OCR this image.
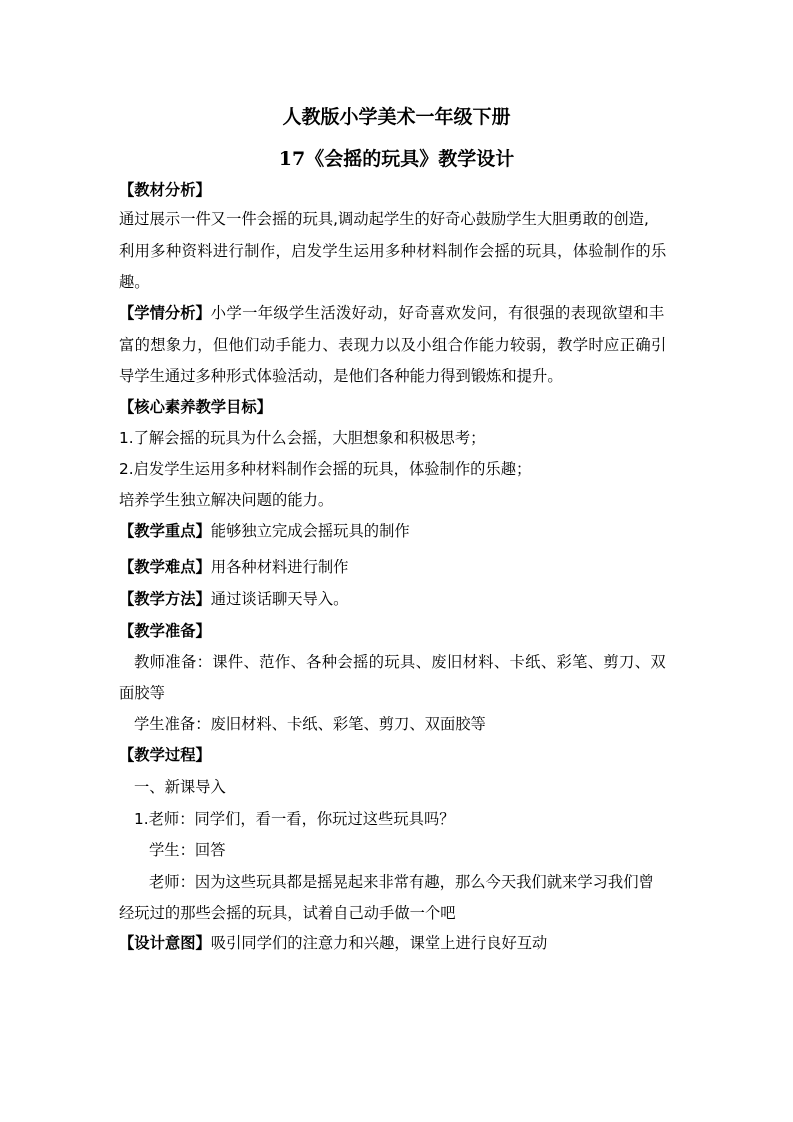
人教版小学美术一年级下册
17《会摇的玩具》教学设计
【教材分析】
通过展示一件又一件会摇的玩具,调动起学生的好奇心鼓励学生大胆勇敢的创造,
利用多种资料进行制作，启发学生运用多种材料制作会摇的玩具，体验制作的乐
趣。
【学情分析】小学一年级学生活泼好动，好奇喜欢发问，有很强的表现欲望和丰
富的想象力，但他们动手能力、表现力以及小组合作能力较弱，教学时应正确引
导学生通过多种形式体验活动，是他们各种能力得到锻炼和提升。
【核心素养教学目标】
1.了解会摇的玩具为什么会摇，大胆想象和积极思考；
2.启发学生运用多种材料制作会摇的玩具，体验制作的乐趣；
培养学生独立解决问题的能力。
【教学重点】能够独立完成会摇玩具的制作
【教学难点】用各种材料进行制作
【教学方法】通过谈话聊天导入。
【教学准备】
教师准备：课件、范作、各种会摇的玩具、废旧材料、卡纸、彩笔、剪刀、双
面胶等
学生准备：废旧材料、卡纸、彩笔、剪刀、双面胶等
【教学过程】
一、新课导入
1.老师：同学们，看一看，你玩过这些玩具吗？
学生：回答
老师：因为这些玩具都是摇晃起来非常有趣，那么今天我们就来学习我们曾
经玩过的那些会摇的玩具，试着自己动手做一个吧
【设计意图】吸引同学们的注意力和兴趣，课堂上进行良好互动
